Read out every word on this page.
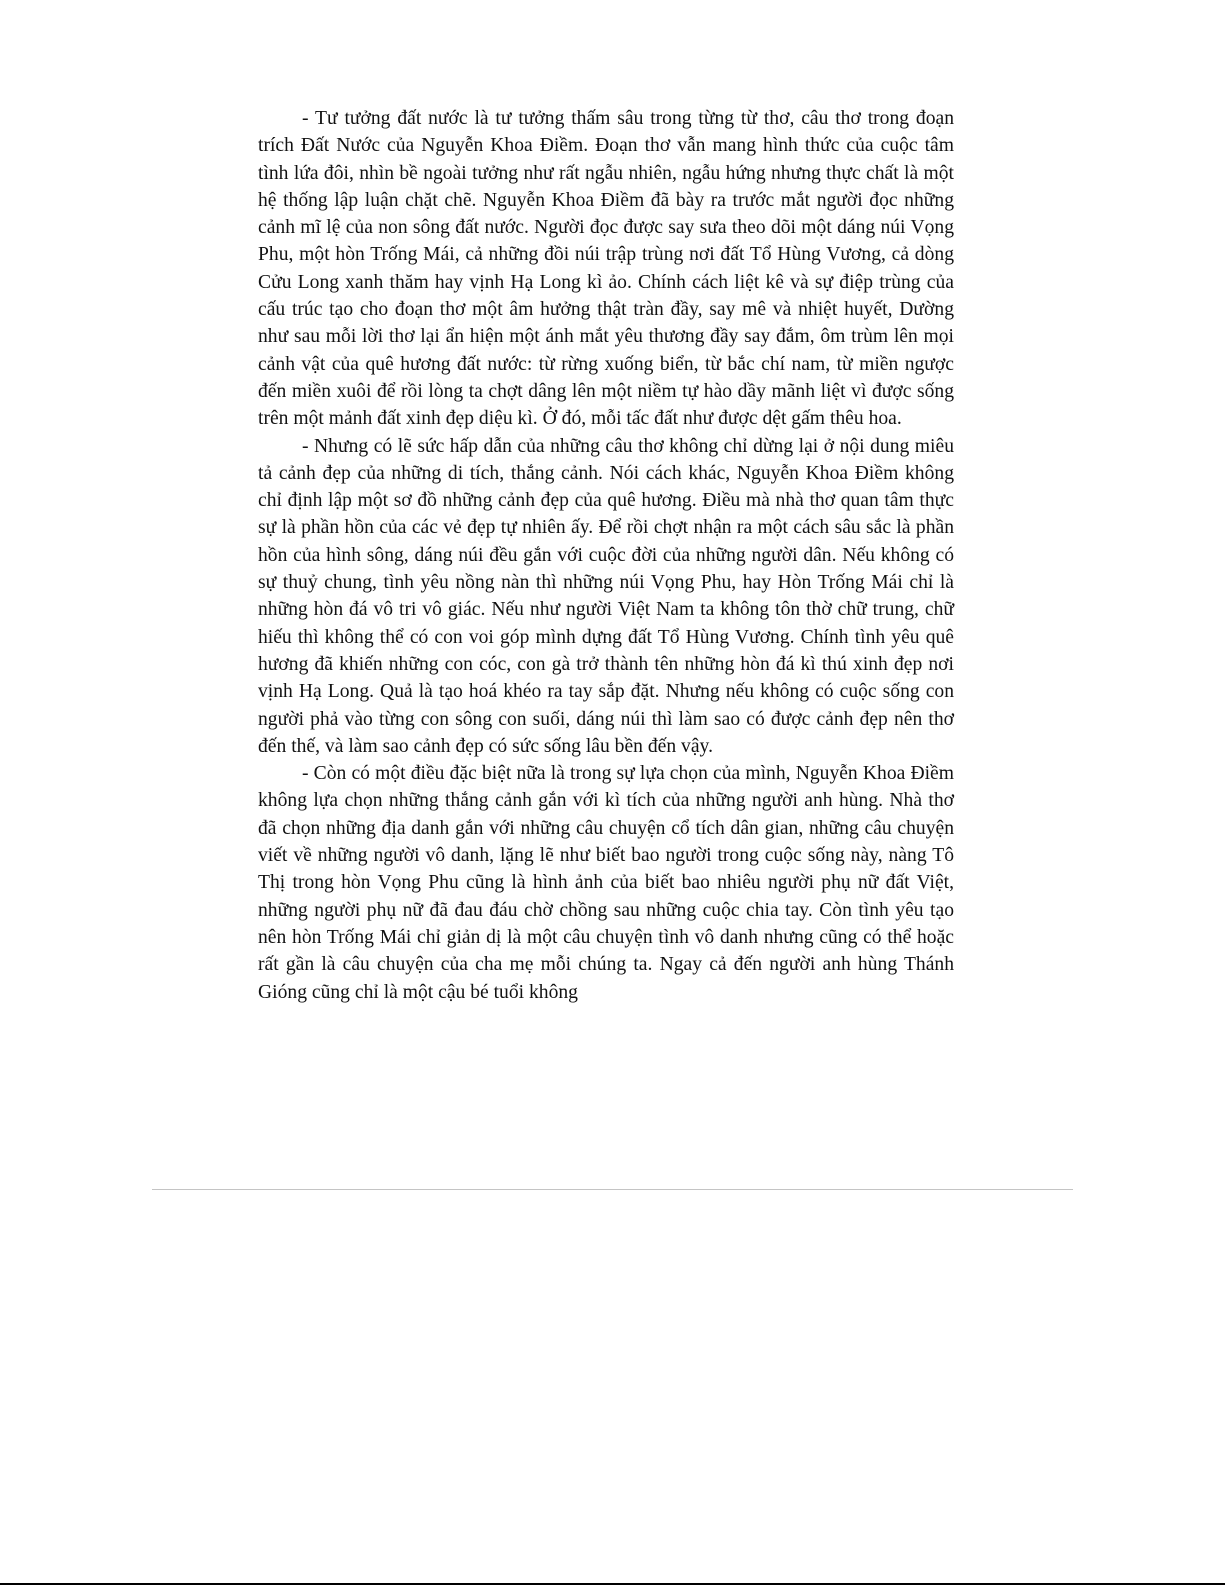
- Tư tưởng đất nước là tư tưởng thấm sâu trong từng từ thơ, câu thơ trong đoạn trích Đất Nước của Nguyễn Khoa Điềm. Đoạn thơ vẫn mang hình thức của cuộc tâm tình lứa đôi, nhìn bề ngoài tưởng như rất ngẫu nhiên, ngẫu hứng nhưng thực chất là một hệ thống lập luận chặt chẽ. Nguyễn Khoa Điềm đã bày ra trước mắt người đọc những cảnh mĩ lệ của non sông đất nước. Người đọc được say sưa theo dõi một dáng núi Vọng Phu, một hòn Trống Mái, cả những đồi núi trập trùng nơi đất Tổ Hùng Vương, cả dòng Cửu Long xanh thăm hay vịnh Hạ Long kì ảo. Chính cách liệt kê và sự điệp trùng của cấu trúc tạo cho đoạn thơ một âm hưởng thật tràn đầy, say mê và nhiệt huyết, Dường như sau mỗi lời thơ lại ẩn hiện một ánh mắt yêu thương đầy say đắm, ôm trùm lên mọi cảnh vật của quê hương đất nước: từ rừng xuống biển, từ bắc chí nam, từ miền ngược đến miền xuôi để rồi lòng ta chợt dâng lên một niềm tự hào dầy mãnh liệt vì được sống trên một mảnh đất xinh đẹp diệu kì. Ở đó, mỗi tấc đất như được dệt gấm thêu hoa.

- Nhưng có lẽ sức hấp dẫn của những câu thơ không chỉ dừng lại ở nội dung miêu tả cảnh đẹp của những di tích, thắng cảnh. Nói cách khác, Nguyễn Khoa Điềm không chỉ định lập một sơ đồ những cảnh đẹp của quê hương. Điều mà nhà thơ quan tâm thực sự là phần hồn của các vẻ đẹp tự nhiên ấy. Để rồi chợt nhận ra một cách sâu sắc là phần hồn của hình sông, dáng núi đều gắn với cuộc đời của những người dân. Nếu không có sự thuỷ chung, tình yêu nồng nàn thì những núi Vọng Phu, hay Hòn Trống Mái chỉ là những hòn đá vô tri vô giác. Nếu như người Việt Nam ta không tôn thờ chữ trung, chữ hiếu thì không thể có con voi góp mình dựng đất Tổ Hùng Vương. Chính tình yêu quê hương đã khiến những con cóc, con gà trở thành tên những hòn đá kì thú xinh đẹp nơi vịnh Hạ Long. Quả là tạo hoá khéo ra tay sắp đặt. Nhưng nếu không có cuộc sống con người phả vào từng con sông con suối, dáng núi thì làm sao có được cảnh đẹp nên thơ đến thế, và làm sao cảnh đẹp có sức sống lâu bền đến vậy.

- Còn có một điều đặc biệt nữa là trong sự lựa chọn của mình, Nguyễn Khoa Điềm không lựa chọn những thắng cảnh gắn với kì tích của những người anh hùng. Nhà thơ đã chọn những địa danh gắn với những câu chuyện cổ tích dân gian, những câu chuyện viết về những người vô danh, lặng lẽ như biết bao người trong cuộc sống này, nàng Tô Thị trong hòn Vọng Phu cũng là hình ảnh của biết bao nhiêu người phụ nữ đất Việt, những người phụ nữ đã đau đáu chờ chồng sau những cuộc chia tay. Còn tình yêu tạo nên hòn Trống Mái chỉ giản dị là một câu chuyện tình vô danh nhưng cũng có thể hoặc rất gần là câu chuyện của cha mẹ mỗi chúng ta. Ngay cả đến người anh hùng Thánh Gióng cũng chỉ là một cậu bé tuổi không
